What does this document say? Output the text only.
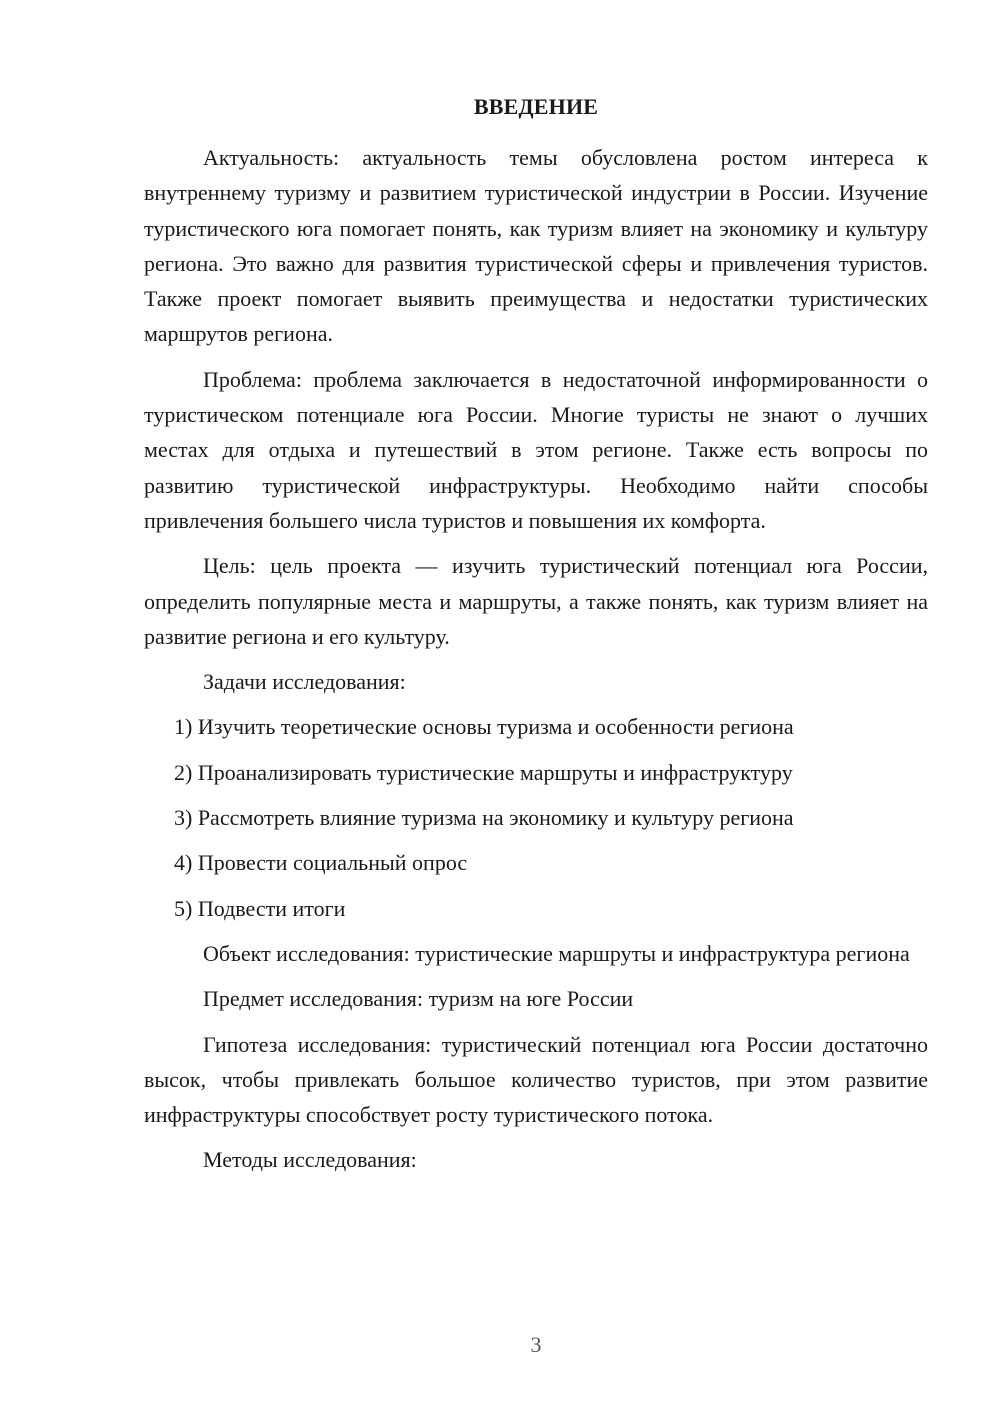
ВВЕДЕНИЕ

Актуальность: актуальность темы обусловлена ростом интереса к внутреннему туризму и развитием туристической индустрии в России. Изучение туристического юга помогает понять, как туризм влияет на экономику и культуру региона. Это важно для развития туристической сферы и привлечения туристов. Также проект помогает выявить преимущества и недостатки туристических маршрутов региона.

Проблема: проблема заключается в недостаточной информированности о туристическом потенциале юга России. Многие туристы не знают о лучших местах для отдыха и путешествий в этом регионе. Также есть вопросы по развитию туристической инфраструктуры. Необходимо найти способы привлечения большего числа туристов и повышения их комфорта.

Цель: цель проекта — изучить туристический потенциал юга России, определить популярные места и маршруты, а также понять, как туризм влияет на развитие региона и его культуру.

Задачи исследования:

1) Изучить теоретические основы туризма и особенности региона
2) Проанализировать туристические маршруты и инфраструктуру
3) Рассмотреть влияние туризма на экономику и культуру региона
4) Провести социальный опрос
5) Подвести итоги

Объект исследования: туристические маршруты и инфраструктура региона

Предмет исследования: туризм на юге России

Гипотеза исследования: туристический потенциал юга России достаточно высок, чтобы привлекать большое количество туристов, при этом развитие инфраструктуры способствует росту туристического потока.

Методы исследования:

3
